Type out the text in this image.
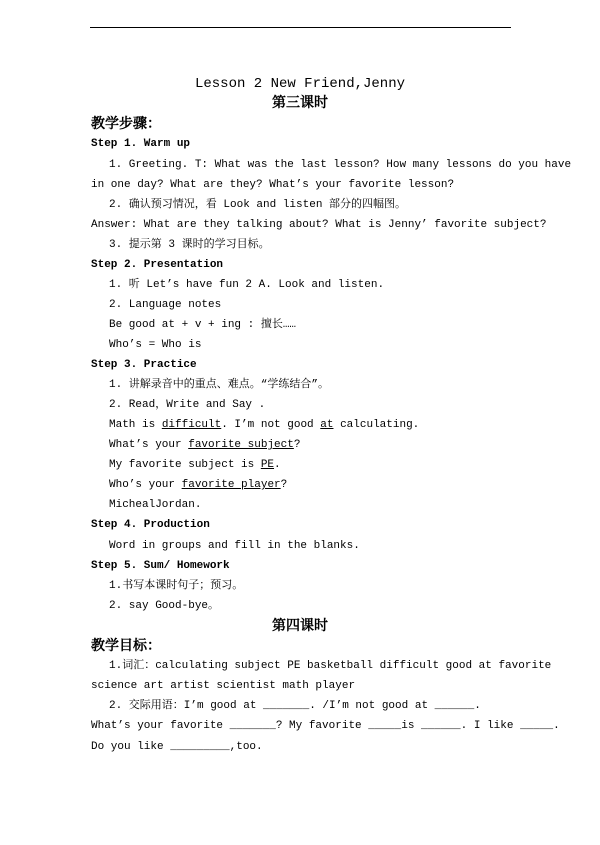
Lesson 2 New Friend,Jenny
第三课时
教学步骤：
Step 1. Warm up
1. Greeting. T: What was the last lesson? How many lessons do you have
in one day? What are they? What’s your favorite lesson?
2. 确认预习情况，看 Look and listen 部分的四幅图。
Answer: What are they talking about? What is Jenny’ favorite subject?
3. 提示第 3 课时的学习目标。
Step 2. Presentation
1. 听 Let’s have fun 2 A. Look and listen.
2. Language notes
Be good at + v + ing : 擅长……
Who’s = Who is
Step 3. Practice
1. 讲解录音中的重点、难点。“学练结合”。
2. Read，Write and Say .
Math is difficult. I’m not good at calculating.
What’s your favorite subject?
My favorite subject is PE.
Who’s your favorite player?
MichealJordan.
Step 4. Production
Word in groups and fill in the blanks.
Step 5. Sum/ Homework
1.书写本课时句子；预习。
2. say Good-bye。
第四课时
教学目标：
1.词汇：calculating subject PE basketball difficult good at favorite
science art artist scientist math player
2. 交际用语：I’m good at _______. /I’m not good at ______.
What’s your favorite _______? My favorite _____is ______. I like _____.
Do you like _________,too.
